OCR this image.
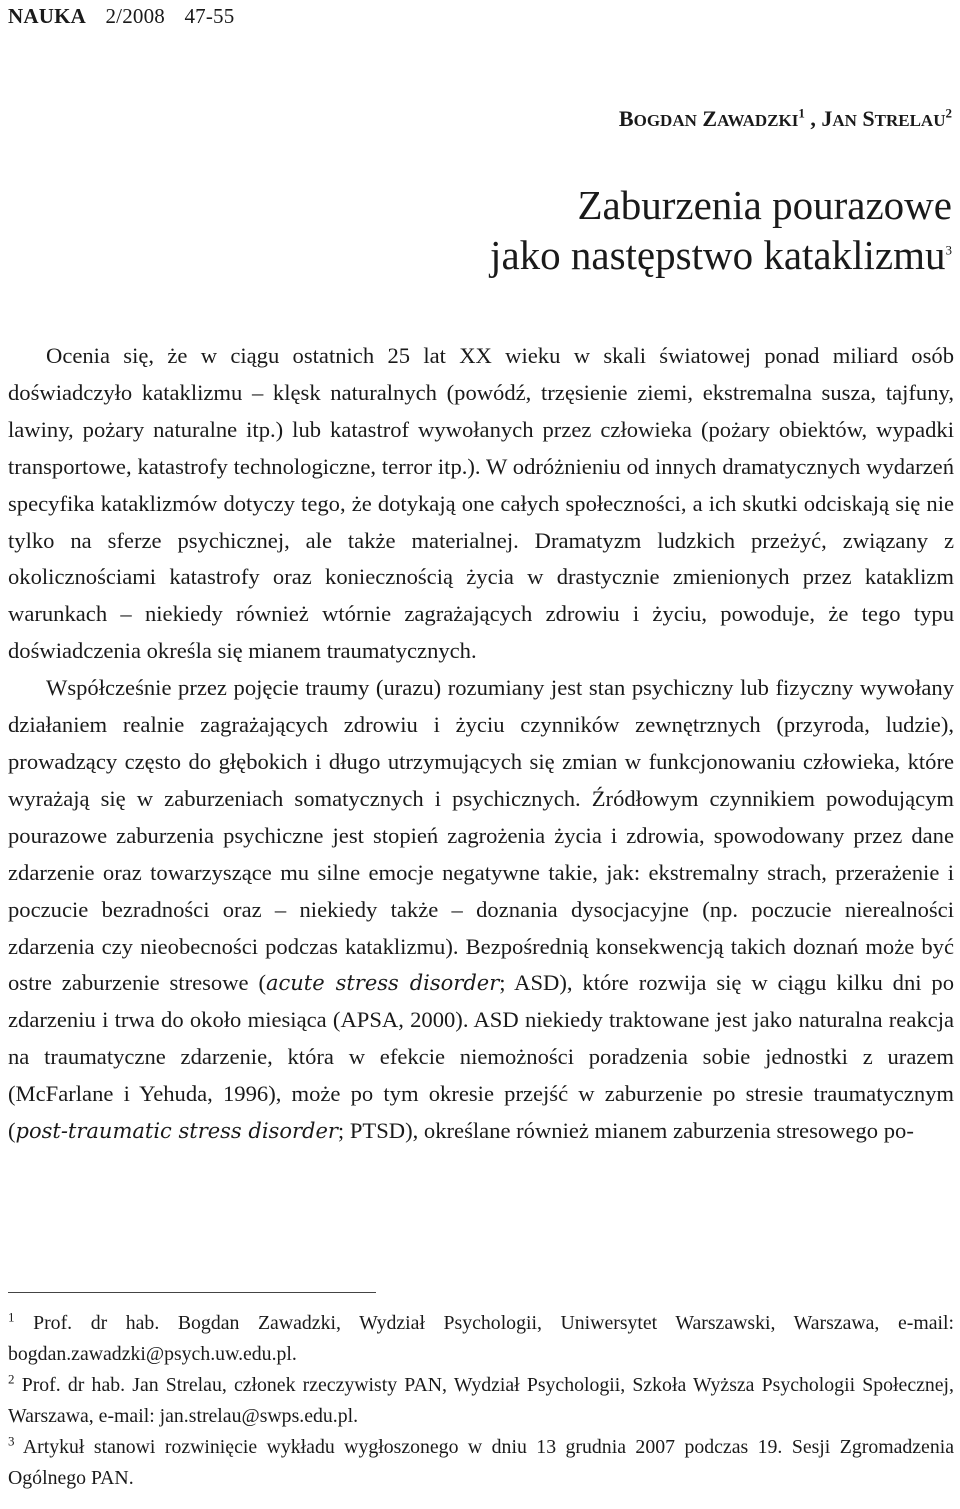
NAUKA 2/2008 47-55
BOGDAN ZAWADZKI$^1$ , JAN STRELAU$^2$
Zaburzenia pourazowe
jako następstwo kataklizmu$^3$

Ocenia się, że w ciągu ostatnich 25 lat XX wieku w skali światowej ponad miliard osób doświadczyło kataklizmu – klęsk naturalnych (powódź, trzęsienie ziemi, ekstremalna susza, tajfuny, lawiny, pożary naturalne itp.) lub katastrof wywołanych przez człowieka (pożary obiektów, wypadki transportowe, katastrofy technologiczne, terror itp.). W odróżnieniu od innych dramatycznych wydarzeń specyfika kataklizmów dotyczy tego, że dotykają one całych społeczności, a ich skutki odciskają się nie tylko na sferze psychicznej, ale także materialnej. Dramatyzm ludzkich przeżyć, związany z okolicznościami katastrofy oraz koniecznością życia w drastycznie zmienionych przez kataklizm warunkach – niekiedy również wtórnie zagrażających zdrowiu i życiu, powoduje, że tego typu doświadczenia określa się mianem traumatycznych.

Współcześnie przez pojęcie traumy (urazu) rozumiany jest stan psychiczny lub fizyczny wywołany działaniem realnie zagrażających zdrowiu i życiu czynników zewnętrznych (przyroda, ludzie), prowadzący często do głębokich i długo utrzymujących się zmian w funkcjonowaniu człowieka, które wyrażają się w zaburzeniach somatycznych i psychicznych. Źródłowym czynnikiem powodującym pourazowe zaburzenia psychiczne jest stopień zagrożenia życia i zdrowia, spowodowany przez dane zdarzenie oraz towarzyszące mu silne emocje negatywne takie, jak: ekstremalny strach, przerażenie i poczucie bezradności oraz – niekiedy także – doznania dysocjacyjne (np. poczucie nierealności zdarzenia czy nieobecności podczas kataklizmu). Bezpośrednią konsekwencją takich doznań może być ostre zaburzenie stresowe (acute stress disorder; ASD), które rozwija się w ciągu kilku dni po zdarzeniu i trwa do około miesiąca (APSA, 2000). ASD niekiedy traktowane jest jako naturalna reakcja na traumatyczne zdarzenie, która w efekcie niemożności poradzenia sobie jednostki z urazem (McFarlane i Yehuda, 1996), może po tym okresie przejść w zaburzenie po stresie traumatycznym (post-traumatic stress disorder; PTSD), określane również mianem zaburzenia stresowego po-

$^1$ Prof. dr hab. Bogdan Zawadzki, Wydział Psychologii, Uniwersytet Warszawski, Warszawa, e-mail: bogdan.zawadzki@psych.uw.edu.pl.

$^2$ Prof. dr hab. Jan Strelau, członek rzeczywisty PAN, Wydział Psychologii, Szkoła Wyższa Psychologii Społecznej, Warszawa, e-mail: jan.strelau@swps.edu.pl.

$^3$ Artykuł stanowi rozwinięcie wykładu wygłoszonego w dniu 13 grudnia 2007 podczas 19. Sesji Zgromadzenia Ogólnego PAN.
